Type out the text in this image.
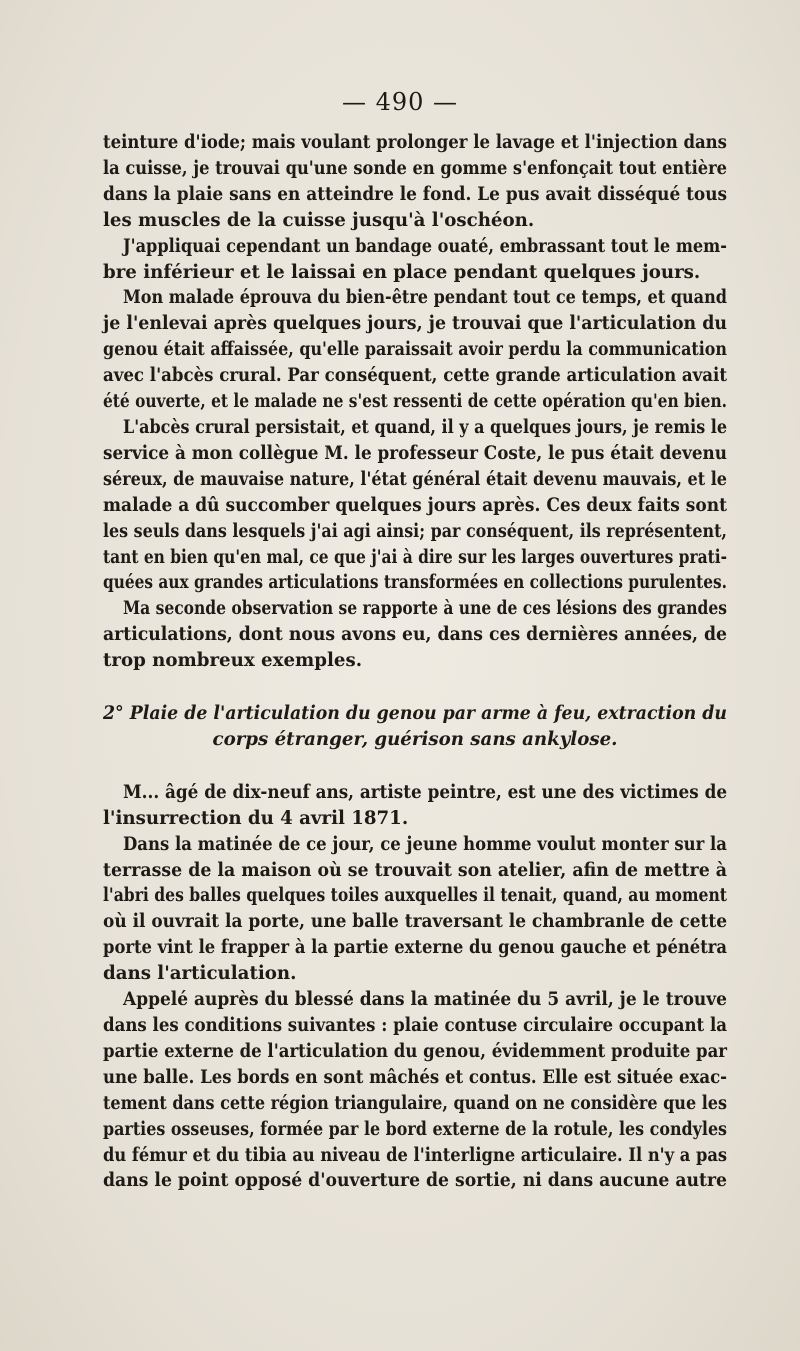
— 490 —

teinture d'iode; mais voulant prolonger le lavage et l'injection dans
la cuisse, je trouvai qu'une sonde en gomme s'enfonçait tout entière
dans la plaie sans en atteindre le fond. Le pus avait disséqué tous
les muscles de la cuisse jusqu'à l'oschéon.

J'appliquai cependant un bandage ouaté, embrassant tout le mem-
bre inférieur et le laissai en place pendant quelques jours.

Mon malade éprouva du bien-être pendant tout ce temps, et quand
je l'enlevai après quelques jours, je trouvai que l'articulation du
genou était affaissée, qu'elle paraissait avoir perdu la communication
avec l'abcès crural. Par conséquent, cette grande articulation avait
été ouverte, et le malade ne s'est ressenti de cette opération qu'en bien.

L'abcès crural persistait, et quand, il y a quelques jours, je remis le
service à mon collègue M. le professeur Coste, le pus était devenu
séreux, de mauvaise nature, l'état général était devenu mauvais, et le
malade a dû succomber quelques jours après. Ces deux faits sont
les seuls dans lesquels j'ai agi ainsi; par conséquent, ils représentent,
tant en bien qu'en mal, ce que j'ai à dire sur les larges ouvertures prati-
quées aux grandes articulations transformées en collections purulentes.

Ma seconde observation se rapporte à une de ces lésions des grandes
articulations, dont nous avons eu, dans ces dernières années, de
trop nombreux exemples.

2° Plaie de l'articulation du genou par arme à feu, extraction du
corps étranger, guérison sans ankylose.

M... âgé de dix-neuf ans, artiste peintre, est une des victimes de
l'insurrection du 4 avril 1871.

Dans la matinée de ce jour, ce jeune homme voulut monter sur la
terrasse de la maison où se trouvait son atelier, afin de mettre à
l'abri des balles quelques toiles auxquelles il tenait, quand, au moment
où il ouvrait la porte, une balle traversant le chambranle de cette
porte vint le frapper à la partie externe du genou gauche et pénétra
dans l'articulation.

Appelé auprès du blessé dans la matinée du 5 avril, je le trouve
dans les conditions suivantes : plaie contuse circulaire occupant la
partie externe de l'articulation du genou, évidemment produite par
une balle. Les bords en sont mâchés et contus. Elle est située exac-
tement dans cette région triangulaire, quand on ne considère que les
parties osseuses, formée par le bord externe de la rotule, les condyles
du fémur et du tibia au niveau de l'interligne articulaire. Il n'y a pas
dans le point opposé d'ouverture de sortie, ni dans aucune autre
